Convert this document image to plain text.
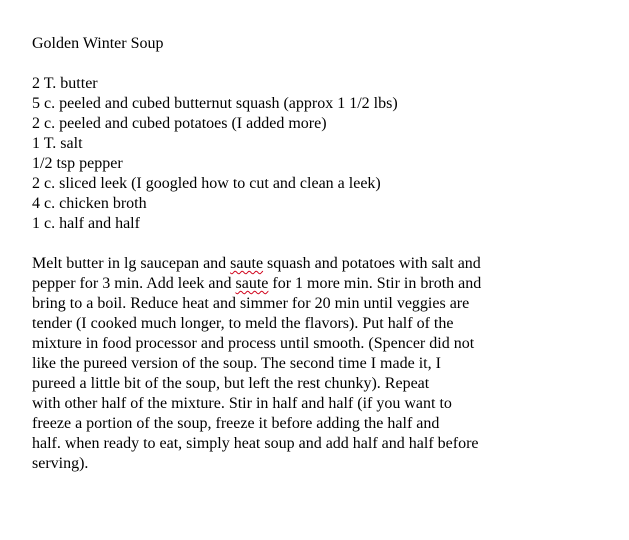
Golden Winter Soup
2 T. butter
5 c. peeled and cubed butternut squash (approx 1 1/2 lbs)
2 c. peeled and cubed potatoes (I added more)
1 T. salt
1/2 tsp pepper
2 c. sliced leek (I googled how to cut and clean a leek)
4 c. chicken broth
1 c. half and half
Melt butter in lg saucepan and saute squash and potatoes with salt and
pepper for 3 min. Add leek and saute for 1 more min. Stir in broth and
bring to a boil. Reduce heat and simmer for 20 min until veggies are
tender (I cooked much longer, to meld the flavors). Put half of the
mixture in food processor and process until smooth. (Spencer did not
like the pureed version of the soup. The second time I made it, I
pureed a little bit of the soup, but left the rest chunky). Repeat
with other half of the mixture. Stir in half and half (if you want to
freeze a portion of the soup, freeze it before adding the half and
half. when ready to eat, simply heat soup and add half and half before
serving).
